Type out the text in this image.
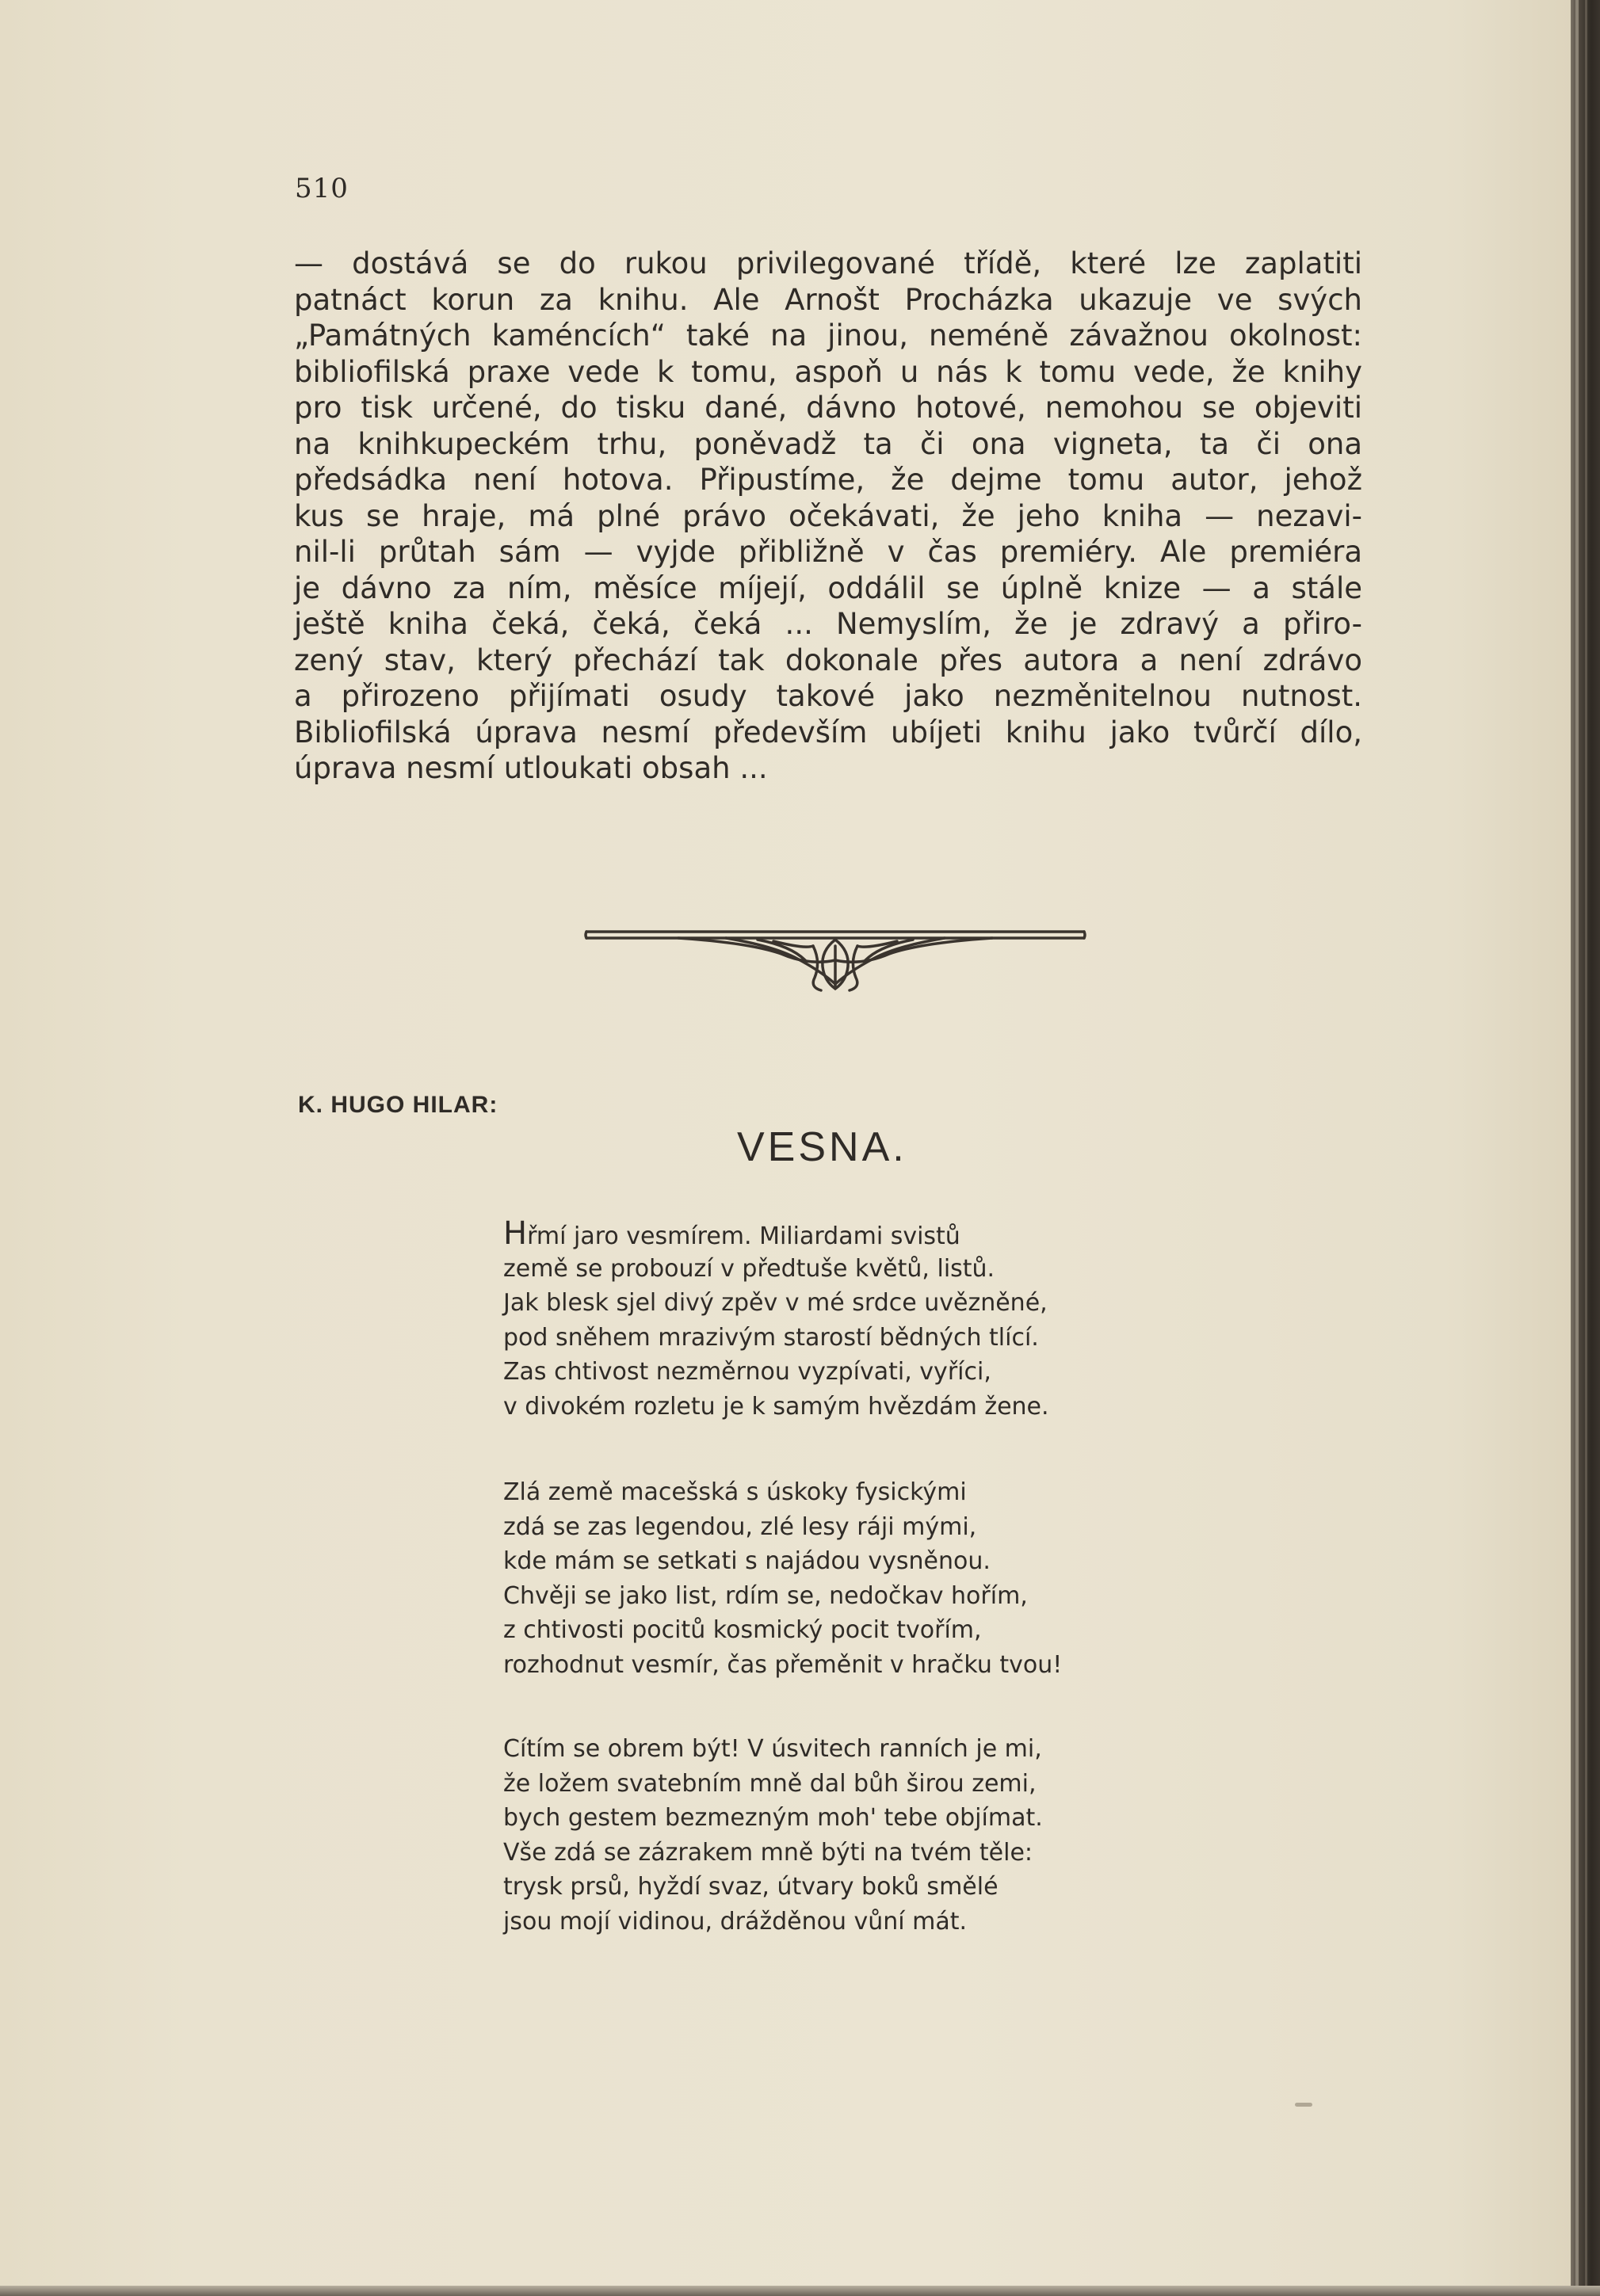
510
— dostává se do rukou privilegované třídě, které lze zaplatiti
patnáct korun za knihu. Ale Arnošt Procházka ukazuje ve svých
„Památných kaméncích“ také na jinou, neméně závažnou okolnost:
bibliofilská praxe vede k tomu, aspoň u nás k tomu vede, že knihy
pro tisk určené, do tisku dané, dávno hotové, nemohou se objeviti
na knihkupeckém trhu, poněvadž ta či ona vigneta, ta či ona
předsádka není hotova. Připustíme, že dejme tomu autor, jehož
kus se hraje, má plné právo očekávati, že jeho kniha — nezavi-
nil-li průtah sám — vyjde přibližně v čas premiéry. Ale premiéra
je dávno za ním, měsíce míjejí, oddálil se úplně knize — a stále
ještě kniha čeká, čeká, čeká ... Nemyslím, že je zdravý a přiro-
zený stav, který přechází tak dokonale přes autora a není zdrávo
a přirozeno přijímati osudy takové jako nezměnitelnou nutnost.
Bibliofilská úprava nesmí především ubíjeti knihu jako tvůrčí dílo,
úprava nesmí utloukati obsah ...
K. HUGO HILAR:
VESNA.
Hřmí jaro vesmírem. Miliardami svistů
země se probouzí v předtuše květů, listů.
Jak blesk sjel divý zpěv v mé srdce uvězněné,
pod sněhem mrazivým starostí bědných tlící.
Zas chtivost nezměrnou vyzpívati, vyříci,
v divokém rozletu je k samým hvězdám žene.
Zlá země macešská s úskoky fysickými
zdá se zas legendou, zlé lesy ráji mými,
kde mám se setkati s najádou vysněnou.
Chvěji se jako list, rdím se, nedočkav hořím,
z chtivosti pocitů kosmický pocit tvořím,
rozhodnut vesmír, čas přeměnit v hračku tvou!
Cítím se obrem být! V úsvitech ranních je mi,
že ložem svatebním mně dal bůh širou zemi,
bych gestem bezmezným moh' tebe objímat.
Vše zdá se zázrakem mně býti na tvém těle:
trysk prsů, hyždí svaz, útvary boků smělé
jsou mojí vidinou, drážděnou vůní mát.
